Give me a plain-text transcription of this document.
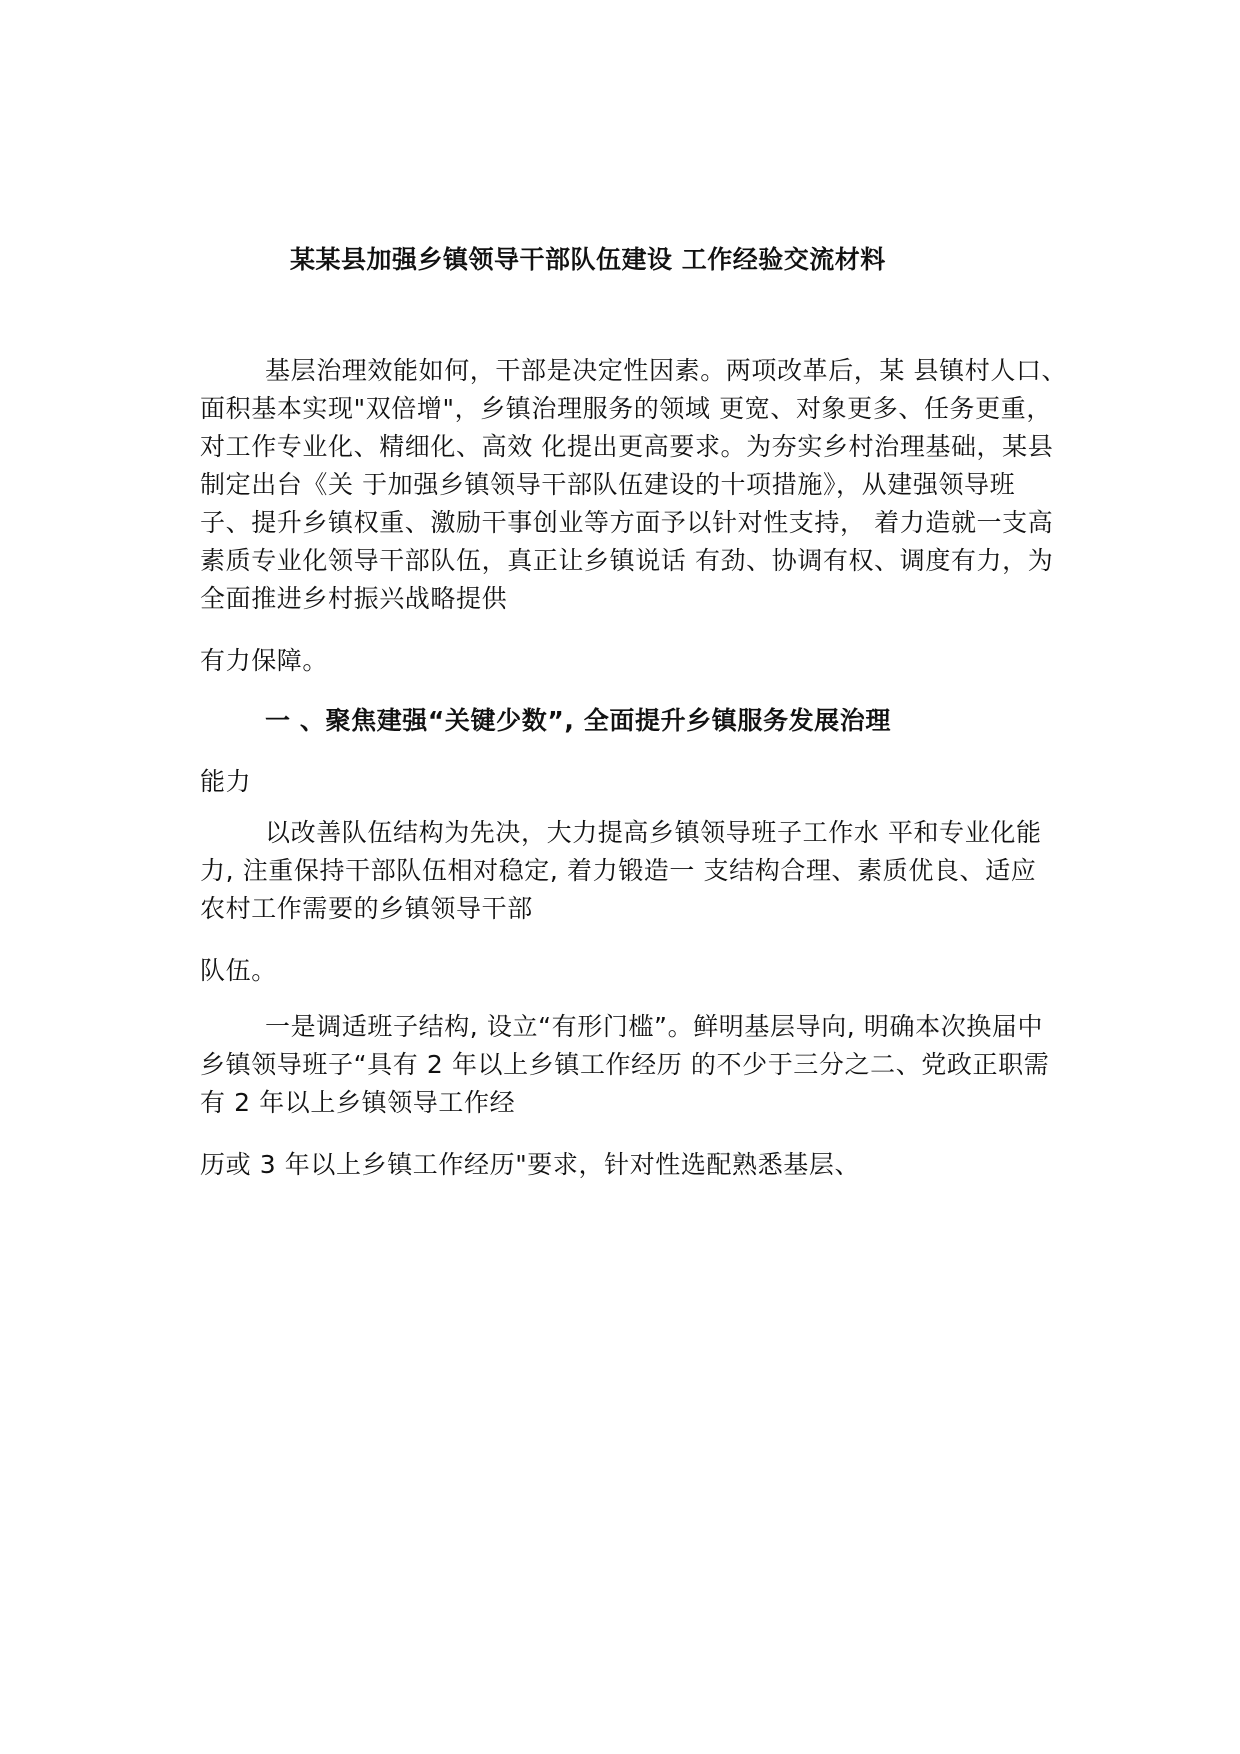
某某县加强乡镇领导干部队伍建设 工作经验交流材料
基层治理效能如何，干部是决定性因素。两项改革后，某 县镇村人口、
面积基本实现"双倍增"，乡镇治理服务的领域 更宽、对象更多、任务更重，
对工作专业化、精细化、高效 化提出更高要求。为夯实乡村治理基础，某县
制定出台《关 于加强乡镇领导干部队伍建设的十项措施》，从建强领导班
子、提升乡镇权重、激励干事创业等方面予以针对性支持， 着力造就一支高
素质专业化领导干部队伍，真正让乡镇说话 有劲、协调有权、调度有力，为
全面推进乡村振兴战略提供
有力保障。
一 、聚焦建强“关键少数”, 全面提升乡镇服务发展治理
能力
以改善队伍结构为先决，大力提高乡镇领导班子工作水 平和专业化能
力, 注重保持干部队伍相对稳定, 着力锻造一 支结构合理、素质优良、适应
农村工作需要的乡镇领导干部
队伍。
一是调适班子结构, 设立“有形门槛”。鲜明基层导向, 明确本次换届中
乡镇领导班子“具有 2 年以上乡镇工作经历 的不少于三分之二、党政正职需
有 2 年以上乡镇领导工作经
历或 3 年以上乡镇工作经历"要求，针对性选配熟悉基层、
